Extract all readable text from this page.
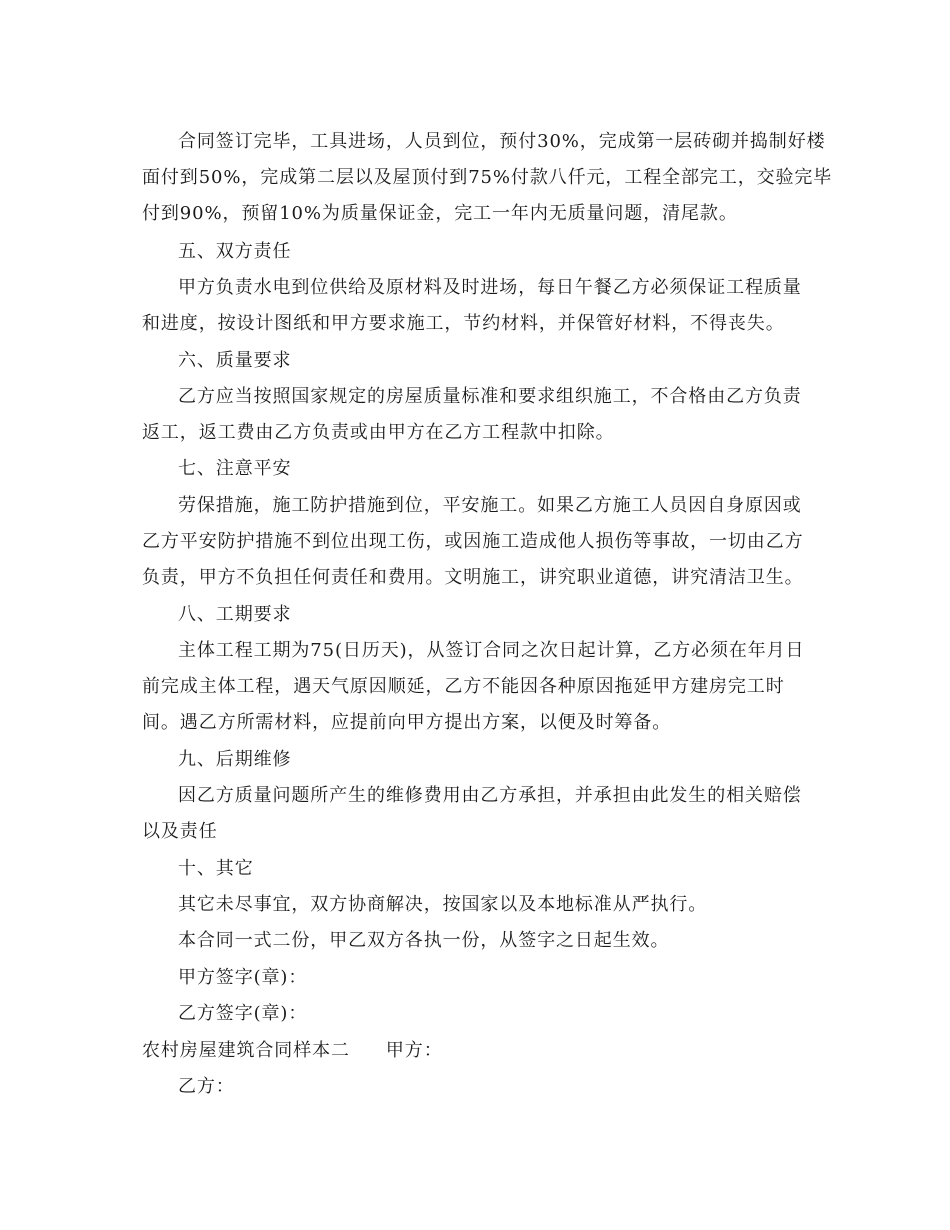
合同签订完毕，工具进场，人员到位，预付30%，完成第一层砖砌并捣制好楼
面付到50%，完成第二层以及屋顶付到75%付款八仟元，工程全部完工，交验完毕
付到90%，预留10%为质量保证金，完工一年内无质量问题，清尾款。
五、双方责任
甲方负责水电到位供给及原材料及时进场，每日午餐乙方必须保证工程质量
和进度，按设计图纸和甲方要求施工，节约材料，并保管好材料，不得丧失。
六、质量要求
乙方应当按照国家规定的房屋质量标准和要求组织施工，不合格由乙方负责
返工，返工费由乙方负责或由甲方在乙方工程款中扣除。
七、注意平安
劳保措施，施工防护措施到位，平安施工。如果乙方施工人员因自身原因或
乙方平安防护措施不到位出现工伤，或因施工造成他人损伤等事故，一切由乙方
负责，甲方不负担任何责任和费用。文明施工，讲究职业道德，讲究清洁卫生。
八、工期要求
主体工程工期为75(日历天)，从签订合同之次日起计算，乙方必须在年月日
前完成主体工程，遇天气原因顺延，乙方不能因各种原因拖延甲方建房完工时
间。遇乙方所需材料，应提前向甲方提出方案，以便及时筹备。
九、后期维修
因乙方质量问题所产生的维修费用由乙方承担，并承担由此发生的相关赔偿
以及责任
十、其它
其它未尽事宜，双方协商解决，按国家以及本地标准从严执行。
本合同一式二份，甲乙双方各执一份，从签字之日起生效。
甲方签字(章)：
乙方签字(章)：
农村房屋建筑合同样本二 甲方：
乙方：
